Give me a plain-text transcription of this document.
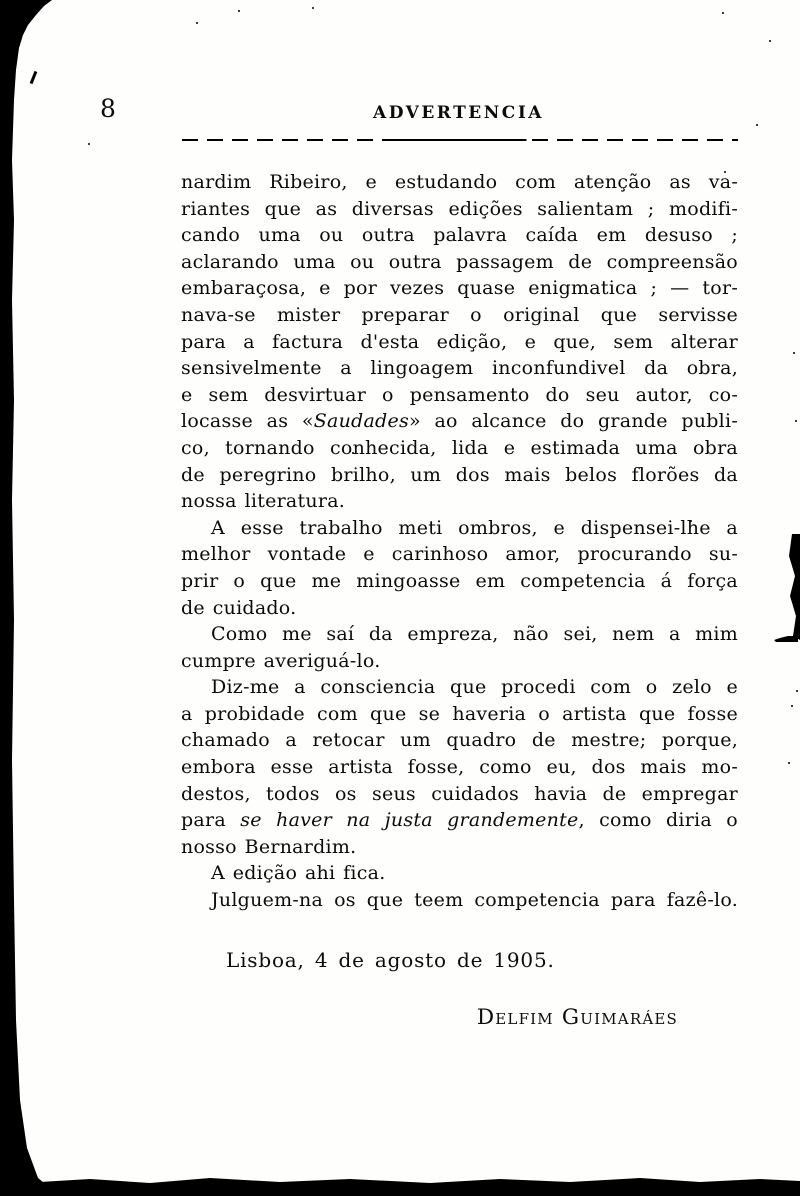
8	ADVERTENCIA
nardim Ribeiro, e estudando com atenção as va-
riantes que as diversas edições salientam ; modifi-
cando uma ou outra palavra caída em desuso ;
aclarando uma ou outra passagem de compreensão
embaraçosa, e por vezes quase enigmatica ; — tor-
nava-se mister preparar o original que servisse
para a factura d'esta edição, e que, sem alterar
sensivelmente a lingoagem inconfundivel da obra,
e sem desvirtuar o pensamento do seu autor, co-
locasse as «Saudades» ao alcance do grande publi-
co, tornando conhecida, lida e estimada uma obra
de peregrino brilho, um dos mais belos florões da
nossa literatura.
A esse trabalho meti ombros, e dispensei-lhe a
melhor vontade e carinhoso amor, procurando su-
prir o que me mingoasse em competencia á força
de cuidado.
Como me saí da empreza, não sei, nem a mim
cumpre averiguá-lo.
Diz-me a consciencia que procedi com o zelo e
a probidade com que se haveria o artista que fosse
chamado a retocar um quadro de mestre; porque,
embora esse artista fosse, como eu, dos mais mo-
destos, todos os seus cuidados havia de empregar
para se haver na justa grandemente, como diria o
nosso Bernardim.
A edição ahi fica.
Julguem-na os que teem competencia para fazê-lo.
Lisboa, 4 de agosto de 1905.
Delfim Guimaráes
